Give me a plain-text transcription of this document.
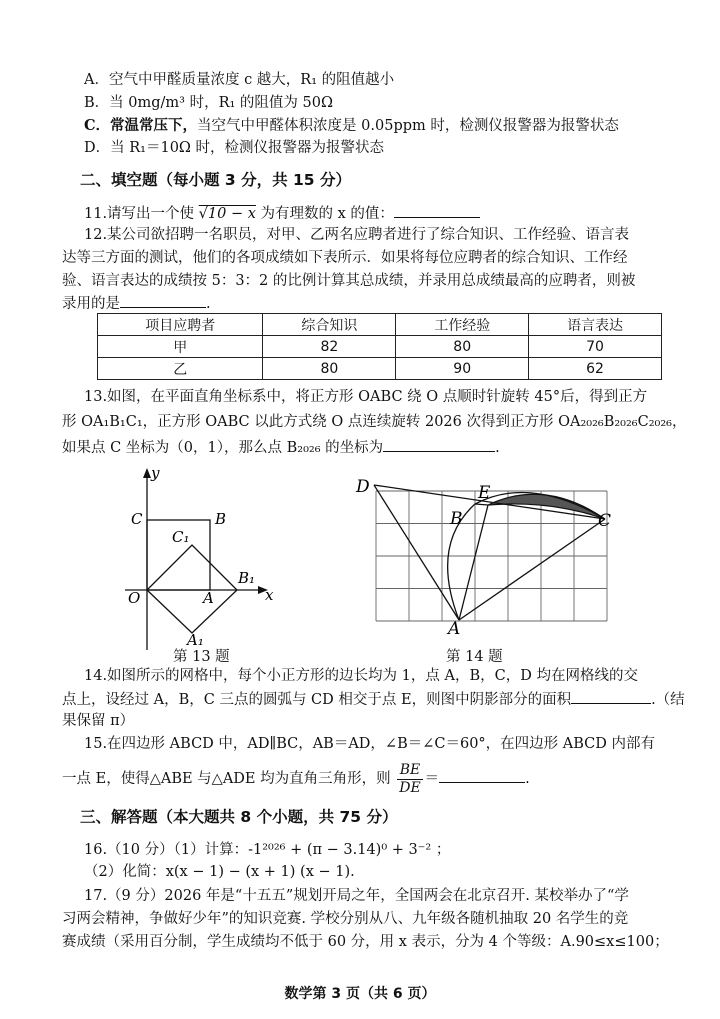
A．空气中甲醛质量浓度 c 越大，R₁ 的阻值越小
B．当 0mg/m³ 时，R₁ 的阻值为 50Ω
C．常温常压下，当空气中甲醛体积浓度是 0.05ppm 时，检测仪报警器为报警状态
D．当 R₁＝10Ω 时，检测仪报警器为报警状态
二、填空题（每小题 3 分，共 15 分）
11.请写出一个使 √10 − x 为有理数的 x 的值：
12.某公司欲招聘一名职员，对甲、乙两名应聘者进行了综合知识、工作经验、语言表
达等三方面的测试，他们的各项成绩如下表所示．如果将每位应聘者的综合知识、工作经
验、语言表达的成绩按 5：3：2 的比例计算其总成绩，并录用总成绩最高的应聘者，则被
录用的是	.
项目应聘者	综合知识	工作经验	语言表达
甲	82	80	70
乙	80	90	62
13.如图，在平面直角坐标系中，将正方形 OABC 绕 O 点顺时针旋转 45°后，得到正方
形 OA₁B₁C₁，正方形 OABC 以此方式绕 O 点连续旋转 2026 次得到正方形 OA₂₀₂₆B₂₀₂₆C₂₀₂₆，
如果点 C 坐标为（0，1），那么点 B₂₀₂₆ 的坐标为	.
y
x
O	A
B
C
A₁
B₁
C₁
第 13 题
D	E
B	C
A
第 14 题
14.如图所示的网格中，每个小正方形的边长均为 1，点 A，B，C，D 均在网格线的交
点上，设经过 A，B，C 三点的圆弧与 CD 相交于点 E，则图中阴影部分的面积	.（结
果保留 π）
15.在四边形 ABCD 中，AD∥BC，AB＝AD，∠B＝∠C＝60°，在四边形 ABCD 内部有
一点 E，使得△ABE 与△ADE 均为直角三角形，则 $\frac{BE}{DE}$ ＝	.
三、解答题（本大题共 8 个小题，共 75 分）
16.（10 分）（1）计算：-1²⁰²⁶ + (π − 3.14)⁰ + 3⁻² ；
（2）化简：x(x − 1) − (x + 1) (x − 1).
17.（9 分）2026 年是“十五五”规划开局之年，全国两会在北京召开. 某校举办了“学
习两会精神，争做好少年”的知识竞赛. 学校分别从八、九年级各随机抽取 20 名学生的竞
赛成绩（采用百分制，学生成绩均不低于 60 分，用 x 表示，分为 4 个等级：A.90≤x≤100；
数学第 3 页（共 6 页）
